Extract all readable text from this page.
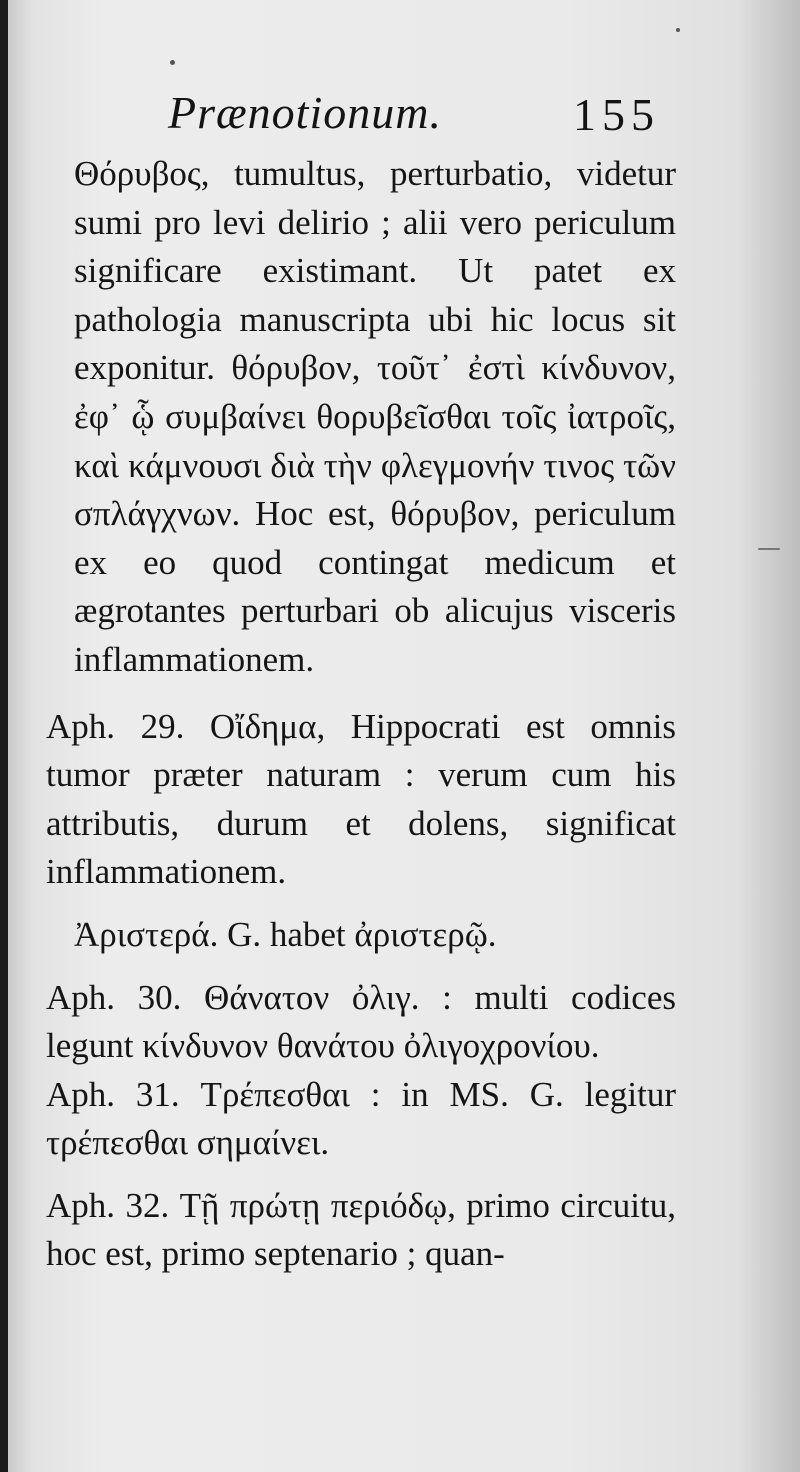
Prænotionum.	155

Θόρυβος, tumultus, perturbatio, videtur sumi pro levi delirio ; alii vero periculum significare existimant. Ut patet ex pathologia manuscripta ubi hic locus sit exponitur. θόρυβον, τοῦτ᾽ ἐστὶ κίνδυνον, ἐφ᾽ ᾧ συμβαίνει θορυβεῖσθαι τοῖς ἰατροῖς, καὶ κάμνουσι διὰ τὴν φλεγμονήν τινος τῶν σπλάγχνων. Hoc est, θόρυβον, periculum ex eo quod contingat medicum et ægrotantes perturbari ob alicujus visceris inflammationem.

Aph. 29. Οἴδημα, Hippocrati est omnis tumor præter naturam : verum cum his attributis, durum et dolens, significat inflammationem.

Ἀριστερά. G. habet ἀριστερῷ.

Aph. 30. Θάνατον ὀλιγ. : multi codices legunt κίνδυνον θανάτου ὀλιγοχρονίου.

Aph. 31. Τρέπεσθαι : in MS. G. legitur τρέπεσθαι σημαίνει.

Aph. 32. Τῇ πρώτῃ περιόδῳ, primo circuitu, hoc est, primo septenario ; quan-
